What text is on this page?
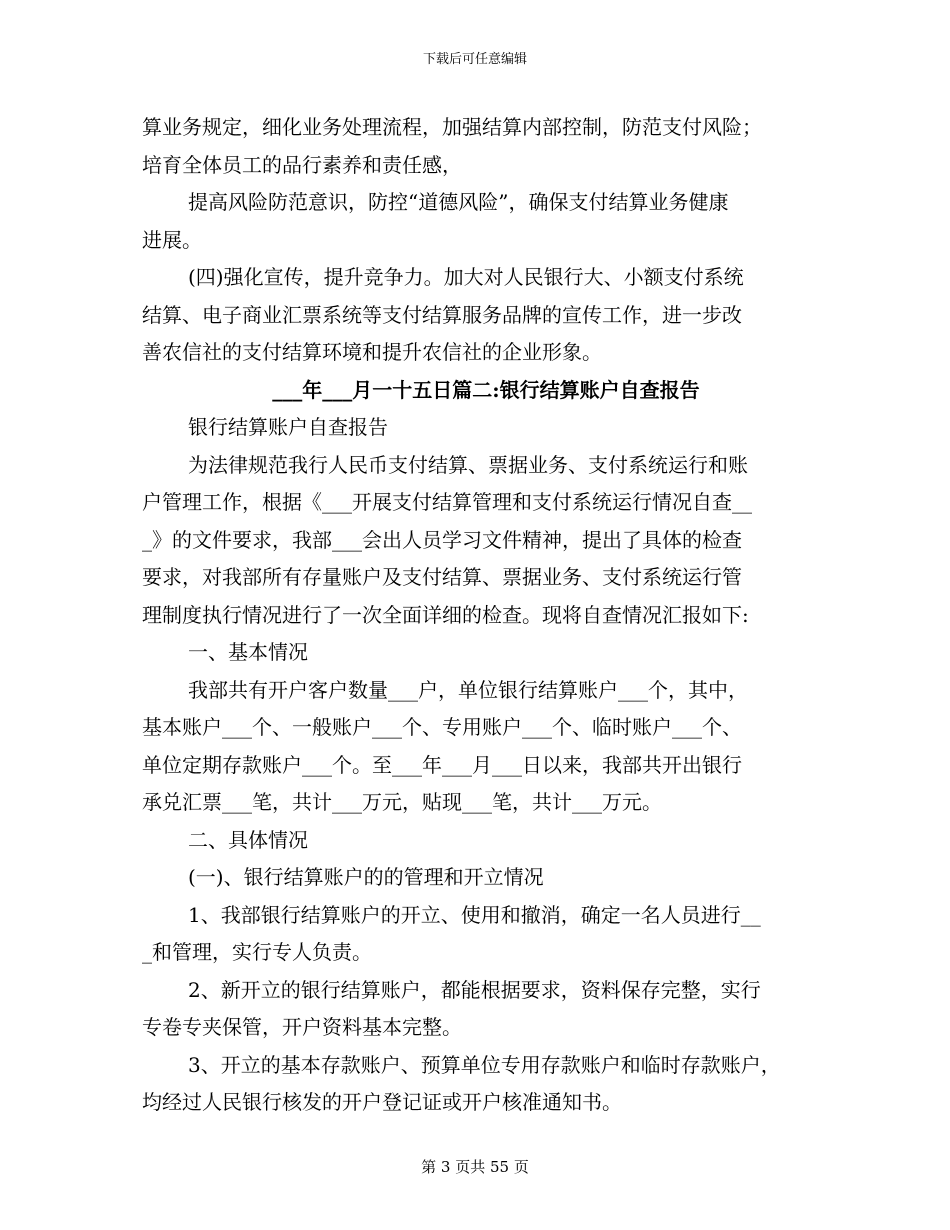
下载后可任意编辑
算业务规定，细化业务处理流程，加强结算内部控制，防范支付风险；
培育全体员工的品行素养和责任感，
提高风险防范意识，防控“道德风险”，确保支付结算业务健康
进展。
(四)强化宣传，提升竞争力。加大对人民银行大、小额支付系统
结算、电子商业汇票系统等支付结算服务品牌的宣传工作，进一步改
善农信社的支付结算环境和提升农信社的企业形象。
___年___月一十五日篇二:银行结算账户自查报告
银行结算账户自查报告
为法律规范我行人民币支付结算、票据业务、支付系统运行和账
户管理工作，根据《___开展支付结算管理和支付系统运行情况自查__
_》的文件要求，我部___会出人员学习文件精神，提出了具体的检查
要求，对我部所有存量账户及支付结算、票据业务、支付系统运行管
理制度执行情况进行了一次全面详细的检查。现将自查情况汇报如下:
一、基本情况
我部共有开户客户数量___户，单位银行结算账户___个，其中，
基本账户___个、一般账户___个、专用账户___个、临时账户___个、
单位定期存款账户___个。至___年___月___日以来，我部共开出银行
承兑汇票___笔，共计___万元，贴现___笔，共计___万元。
二、具体情况
(一)、银行结算账户的的管理和开立情况
1、我部银行结算账户的开立、使用和撤消，确定一名人员进行__
_和管理，实行专人负责。
2、新开立的银行结算账户，都能根据要求，资料保存完整，实行
专卷专夹保管，开户资料基本完整。
3、开立的基本存款账户、预算单位专用存款账户和临时存款账户，
均经过人民银行核发的开户登记证或开户核准通知书。
第 3 页共 55 页
